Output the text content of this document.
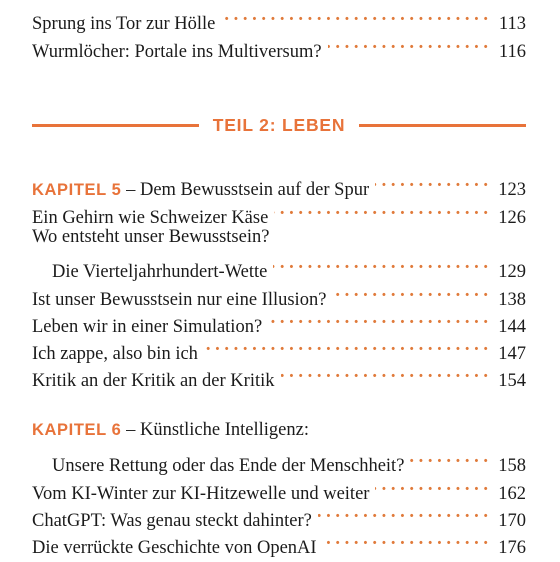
Sprung ins Tor zur Hölle . . .	113
Wurmlöcher: Portale ins Multiversum? . . .	116
TEIL 2: LEBEN
KAPITEL 5 – Dem Bewusstsein auf der Spur . . .	123
Ein Gehirn wie Schweizer Käse . . .	126
Wo entsteht unser Bewusstsein?
Die Vierteljahrhundert-Wette . . .	129
Ist unser Bewusstsein nur eine Illusion? . . .	138
Leben wir in einer Simulation? . . .	144
Ich zappe, also bin ich . . .	147
Kritik an der Kritik an der Kritik . . .	154
KAPITEL 6 – Künstliche Intelligenz:
Unsere Rettung oder das Ende der Menschheit? . . .	158
Vom KI-Winter zur KI-Hitzewelle und weiter . . .	162
ChatGPT: Was genau steckt dahinter? . . .	170
Die verrückte Geschichte von OpenAI . . .	176
